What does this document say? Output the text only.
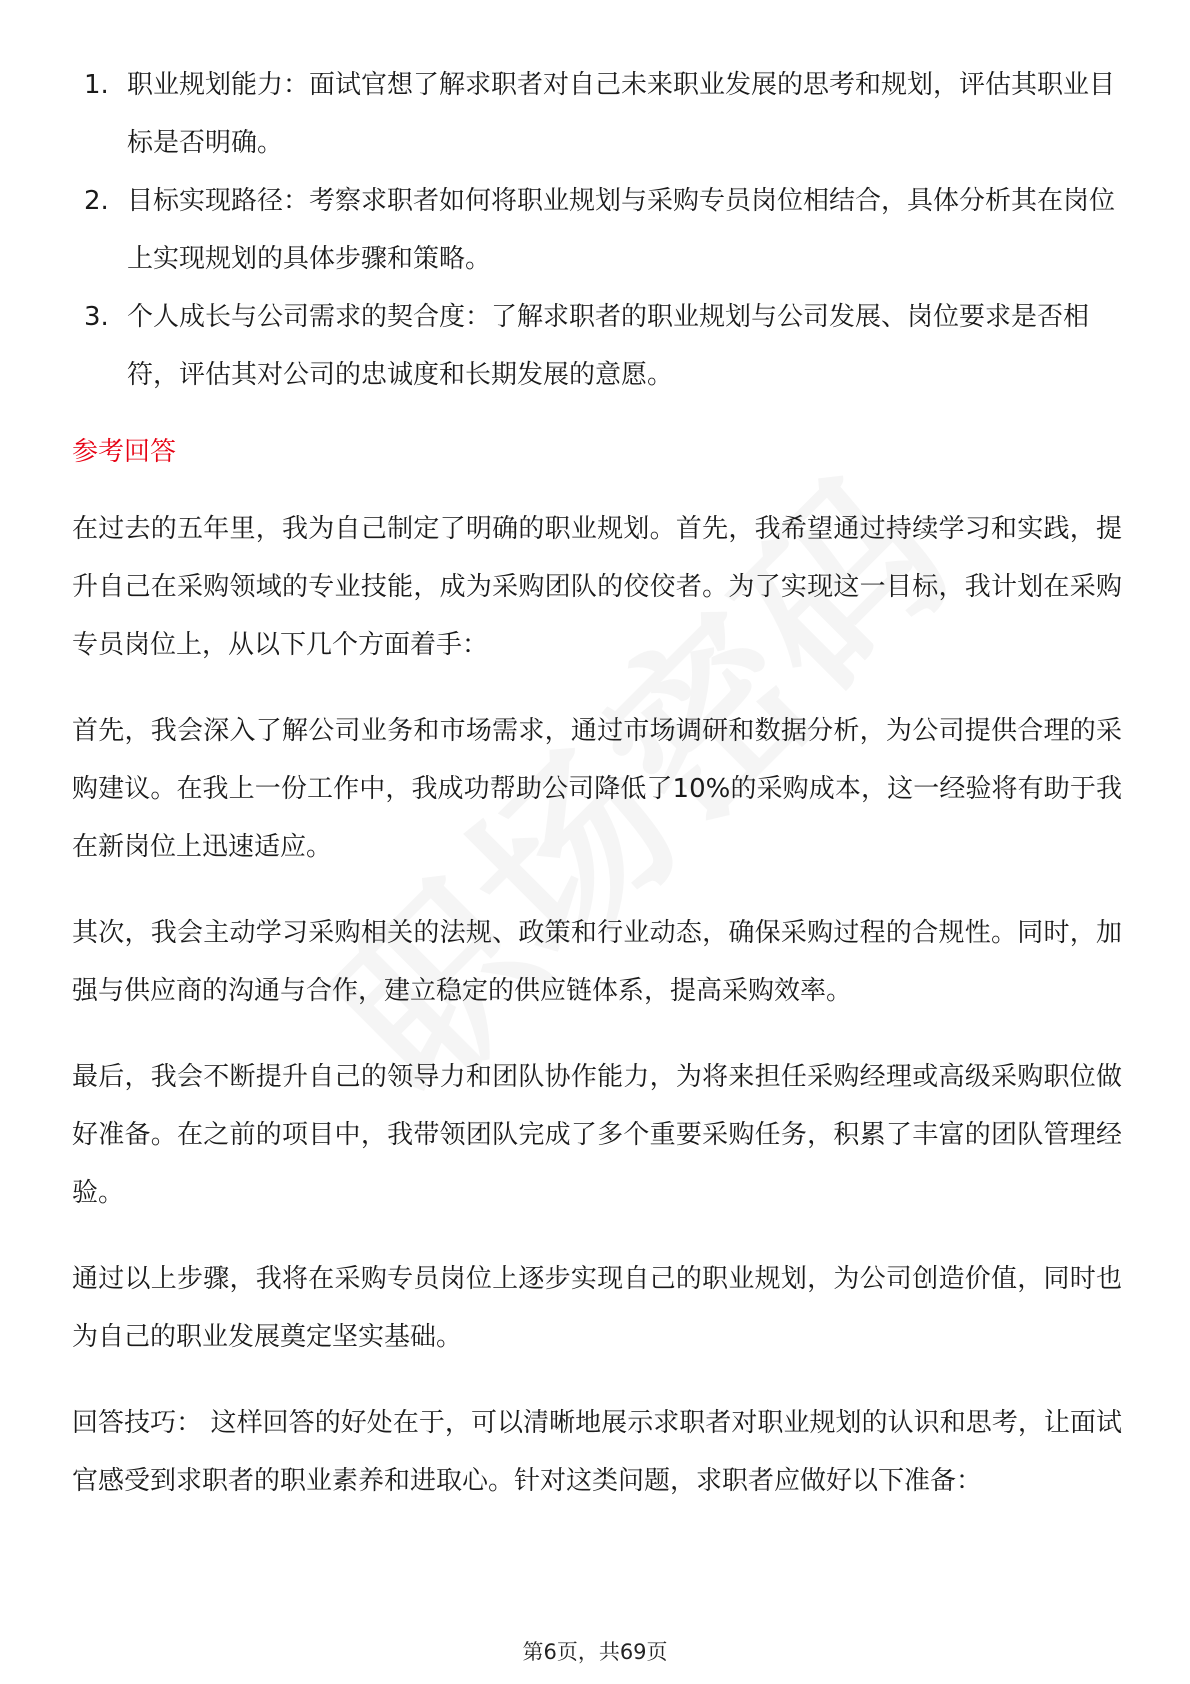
1. 职业规划能力：面试官想了解求职者对自己未来职业发展的思考和规划，评估其职业目标是否明确。
2. 目标实现路径：考察求职者如何将职业规划与采购专员岗位相结合，具体分析其在岗位上实现规划的具体步骤和策略。
3. 个人成长与公司需求的契合度：了解求职者的职业规划与公司发展、岗位要求是否相符，评估其对公司的忠诚度和长期发展的意愿。
参考回答

在过去的五年里，我为自己制定了明确的职业规划。首先，我希望通过持续学习和实践，提升自己在采购领域的专业技能，成为采购团队的佼佼者。为了实现这一目标，我计划在采购专员岗位上，从以下几个方面着手：

首先，我会深入了解公司业务和市场需求，通过市场调研和数据分析，为公司提供合理的采购建议。在我上一份工作中，我成功帮助公司降低了10%的采购成本，这一经验将有助于我在新岗位上迅速适应。

其次，我会主动学习采购相关的法规、政策和行业动态，确保采购过程的合规性。同时，加强与供应商的沟通与合作，建立稳定的供应链体系，提高采购效率。

最后，我会不断提升自己的领导力和团队协作能力，为将来担任采购经理或高级采购职位做好准备。在之前的项目中，我带领团队完成了多个重要采购任务，积累了丰富的团队管理经验。

通过以上步骤，我将在采购专员岗位上逐步实现自己的职业规划，为公司创造价值，同时也为自己的职业发展奠定坚实基础。

回答技巧： 这样回答的好处在于，可以清晰地展示求职者对职业规划的认识和思考，让面试官感受到求职者的职业素养和进取心。针对这类问题，求职者应做好以下准备：

第6页，共69页
